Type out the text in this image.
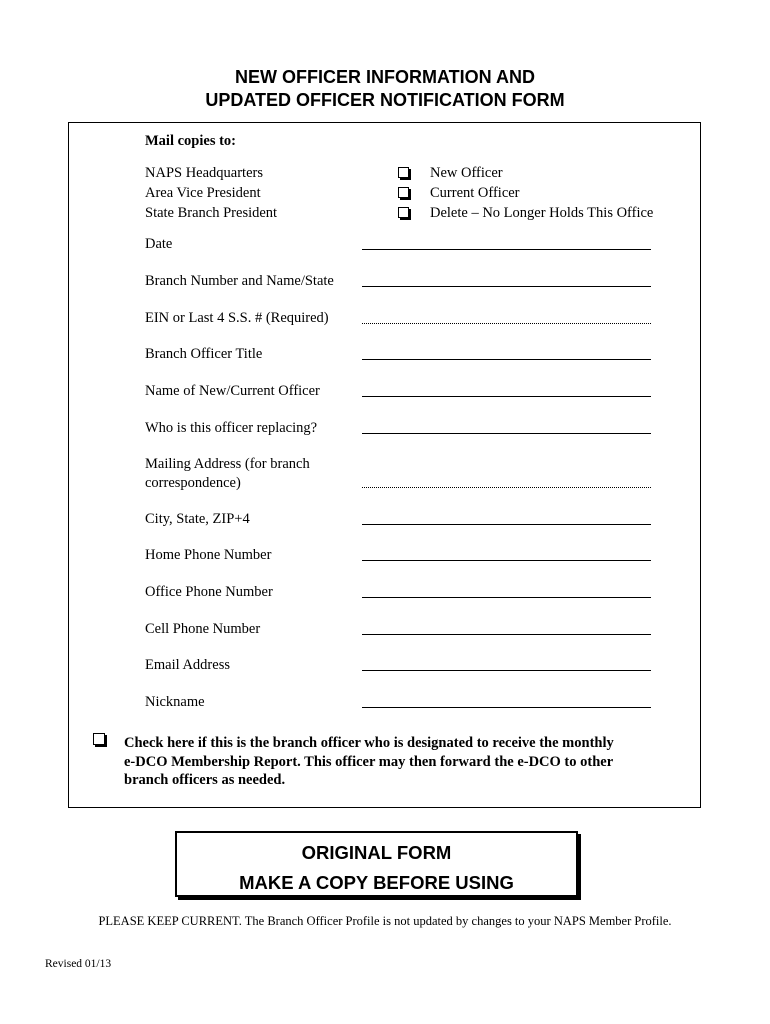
NEW OFFICER INFORMATION AND
UPDATED OFFICER NOTIFICATION FORM
Mail copies to:
NAPS Headquarters
Area Vice President
State Branch President
New Officer
Current Officer
Delete – No Longer Holds This Office
Date
Branch Number and Name/State
EIN or Last 4 S.S. # (Required)
Branch Officer Title
Name of New/Current Officer
Who is this officer replacing?
Mailing Address (for branch
correspondence)
City, State, ZIP+4
Home Phone Number
Office Phone Number
Cell Phone Number
Email Address
Nickname
Check here if this is the branch officer who is designated to receive the monthly
e-DCO Membership Report. This officer may then forward the e-DCO to other
branch officers as needed.
ORIGINAL FORM
MAKE A COPY BEFORE USING
PLEASE KEEP CURRENT. The Branch Officer Profile is not updated by changes to your NAPS Member Profile.
Revised 01/13
